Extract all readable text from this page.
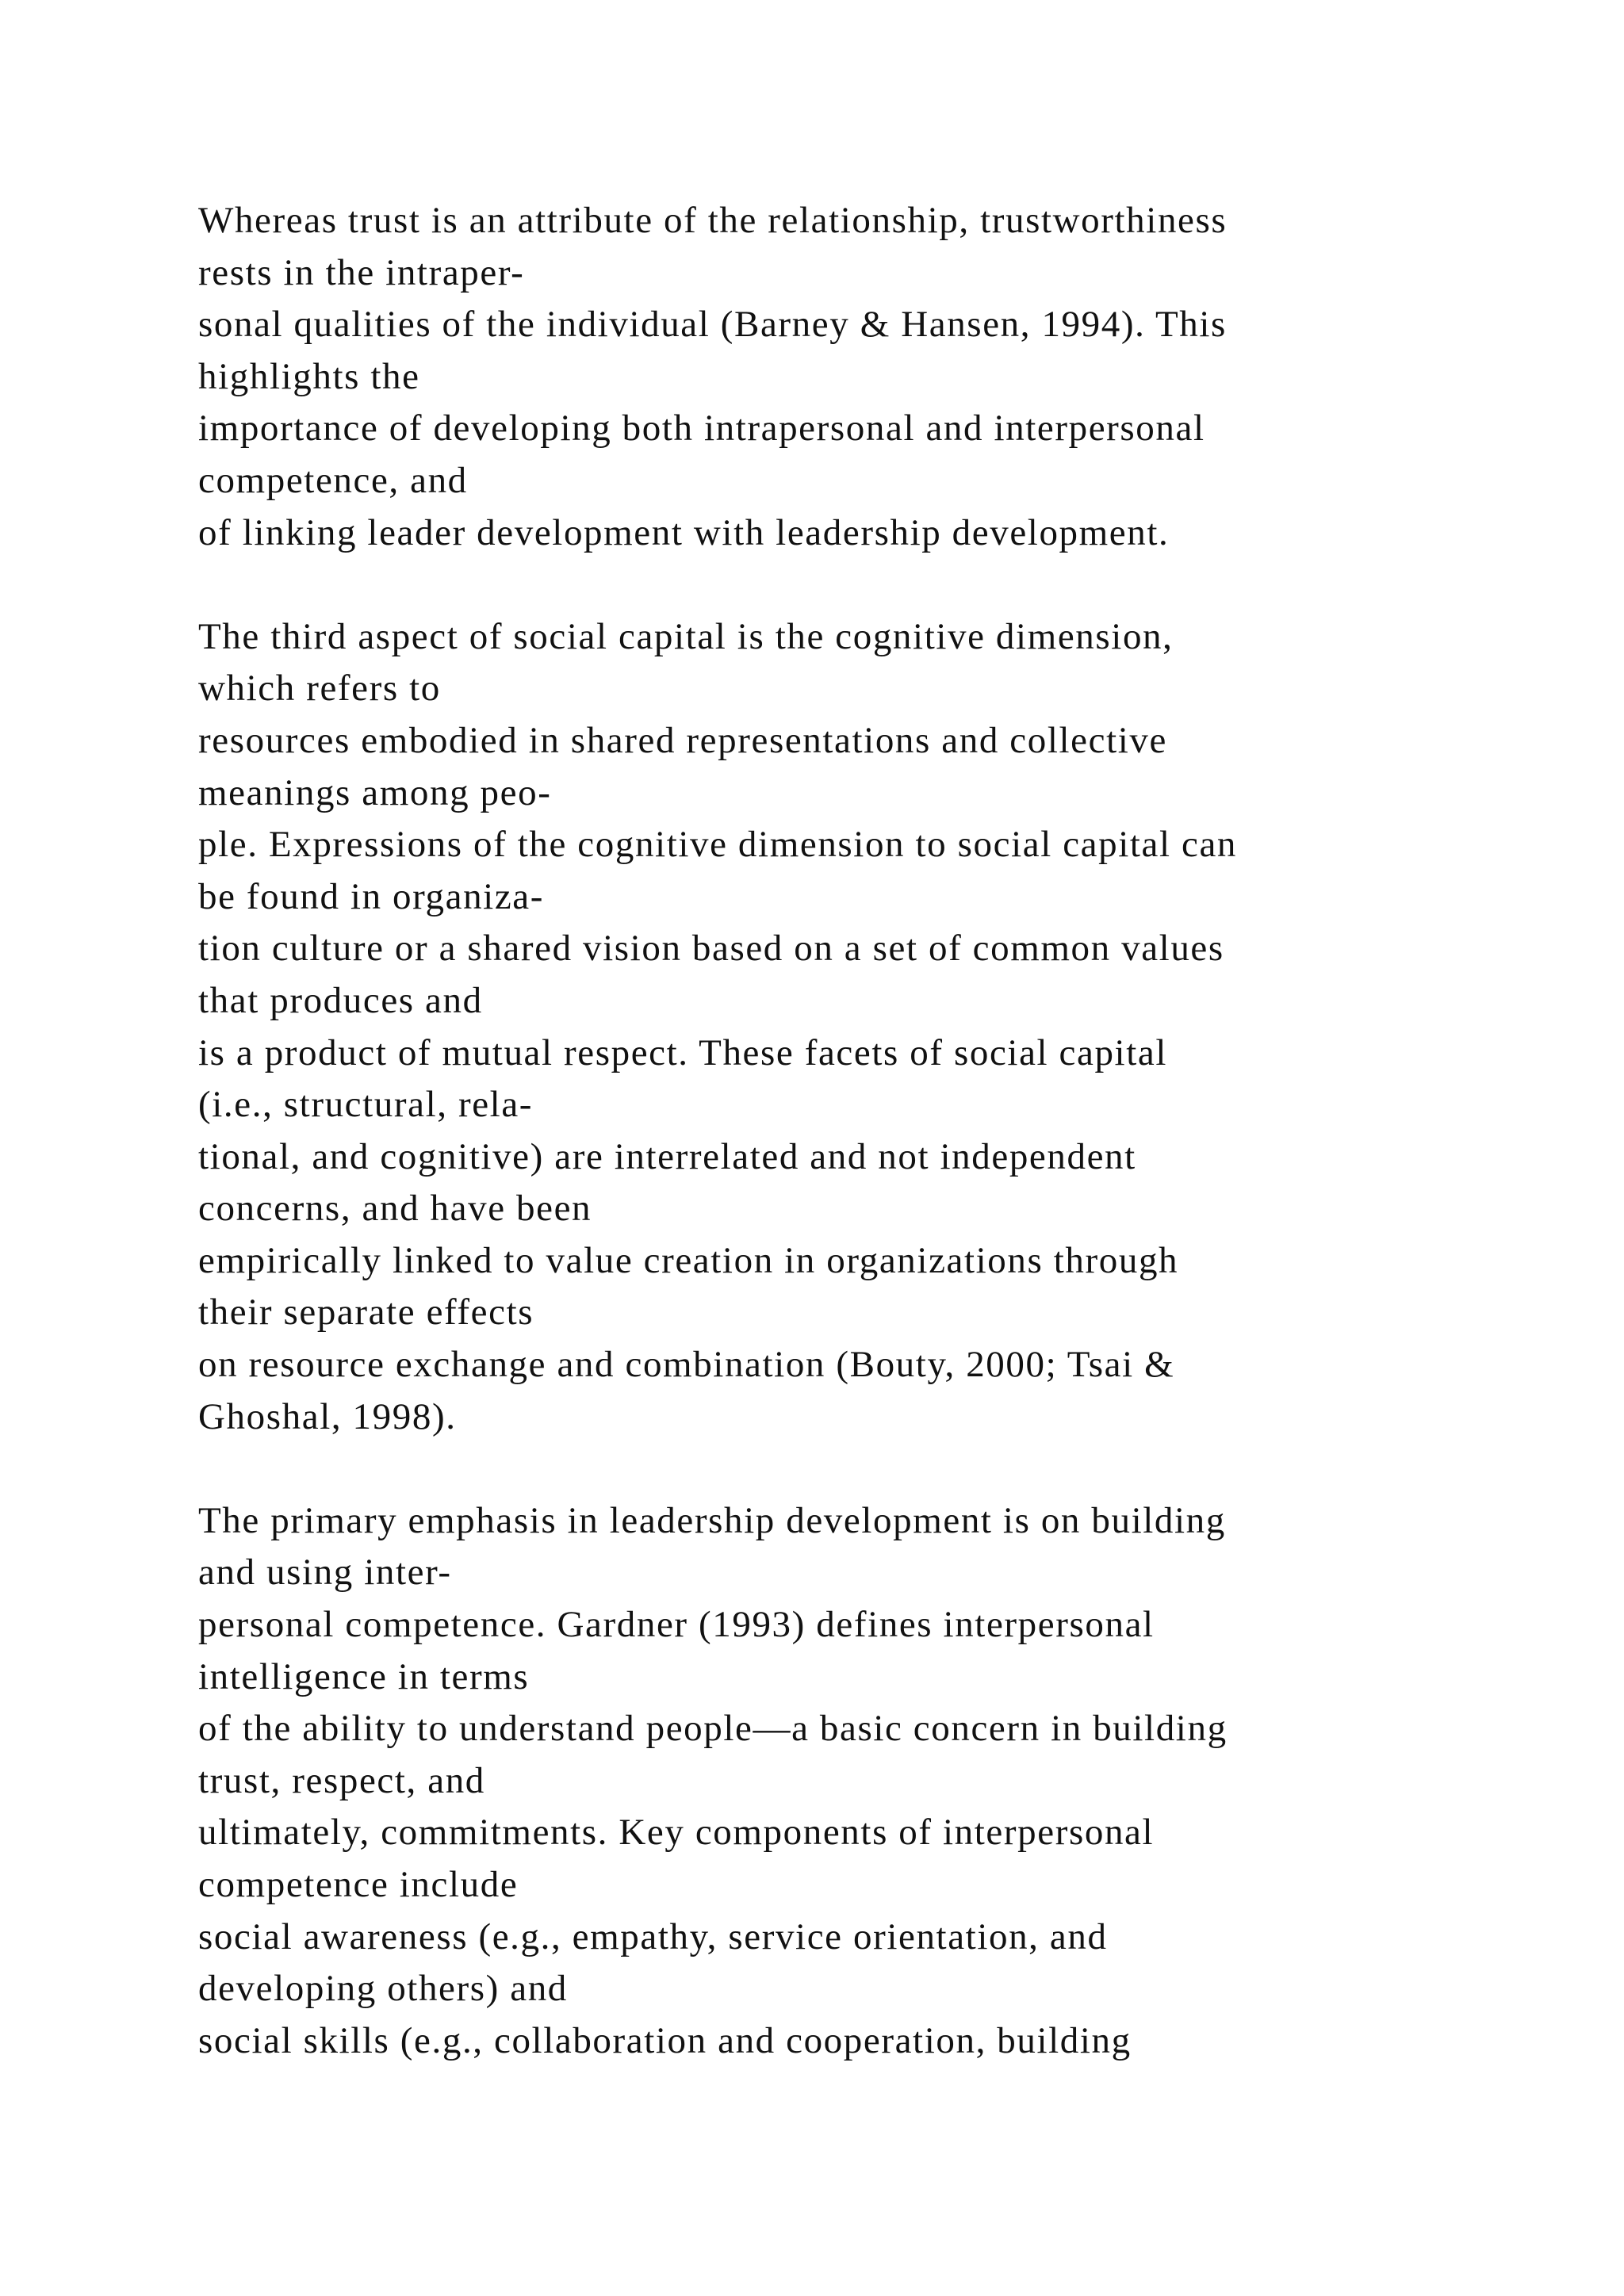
Whereas trust is an attribute of the relationship, trustworthiness
rests in the intraper-
sonal qualities of the individual (Barney & Hansen, 1994). This
highlights the
importance of developing both intrapersonal and interpersonal
competence, and
of linking leader development with leadership development.
The third aspect of social capital is the cognitive dimension,
which refers to
resources embodied in shared representations and collective
meanings among peo-
ple. Expressions of the cognitive dimension to social capital can
be found in organiza-
tion culture or a shared vision based on a set of common values
that produces and
is a product of mutual respect. These facets of social capital
(i.e., structural, rela-
tional, and cognitive) are interrelated and not independent
concerns, and have been
empirically linked to value creation in organizations through
their separate effects
on resource exchange and combination (Bouty, 2000; Tsai &
Ghoshal, 1998).
The primary emphasis in leadership development is on building
and using inter-
personal competence. Gardner (1993) defines interpersonal
intelligence in terms
of the ability to understand people—a basic concern in building
trust, respect, and
ultimately, commitments. Key components of interpersonal
competence include
social awareness (e.g., empathy, service orientation, and
developing others) and
social skills (e.g., collaboration and cooperation, building
